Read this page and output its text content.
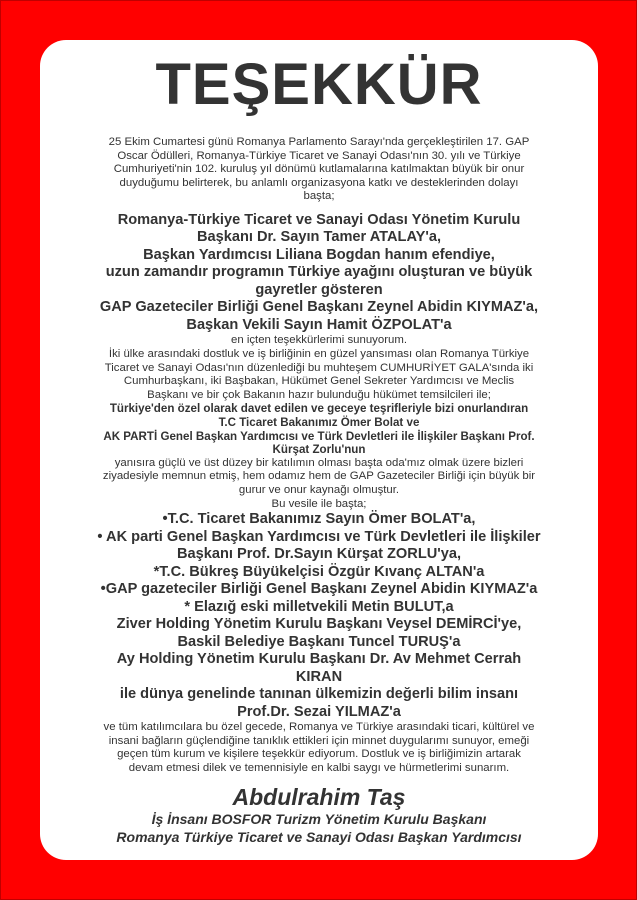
TEŞEKKÜR
25 Ekim Cumartesi günü Romanya Parlamento Sarayı'nda gerçekleştirilen 17. GAP
Oscar Ödülleri, Romanya-Türkiye Ticaret ve Sanayi Odası'nın 30. yılı ve Türkiye
Cumhuriyeti'nin 102. kuruluş yıl dönümü kutlamalarına katılmaktan büyük bir onur
duyduğumu belirterek, bu anlamlı organizasyona katkı ve desteklerinden dolayı
başta;
Romanya-Türkiye Ticaret ve Sanayi Odası Yönetim Kurulu
Başkanı Dr. Sayın Tamer ATALAY'a,
Başkan Yardımcısı Liliana Bogdan hanım efendiye,
uzun zamandır programın Türkiye ayağını oluşturan ve büyük
gayretler gösteren
GAP Gazeteciler Birliği Genel Başkanı Zeynel Abidin KIYMAZ'a,
Başkan Vekili Sayın Hamit ÖZPOLAT'a
en içten teşekkürlerimi sunuyorum.
İki ülke arasındaki dostluk ve iş birliğinin en güzel yansıması olan Romanya Türkiye
Ticaret ve Sanayi Odası'nın düzenlediği bu muhteşem CUMHURİYET GALA'sında iki
Cumhurbaşkanı, iki Başbakan, Hükümet Genel Sekreter Yardımcısı ve Meclis
Başkanı ve bir çok Bakanın hazır bulunduğu hükümet temsilcileri ile;
Türkiye'den özel olarak davet edilen ve geceye teşrifleriyle bizi onurlandıran
T.C Ticaret Bakanımız Ömer Bolat ve
AK PARTİ Genel Başkan Yardımcısı ve Türk Devletleri ile İlişkiler Başkanı Prof.
Kürşat Zorlu'nun
yanısıra güçlü ve üst düzey bir katılımın olması başta oda'mız olmak üzere bizleri
ziyadesiyle memnun etmiş, hem odamız hem de GAP Gazeteciler Birliği için büyük bir
gurur ve onur kaynağı olmuştur.
Bu vesile ile başta;
•T.C. Ticaret Bakanımız Sayın Ömer BOLAT'a,
• AK parti Genel Başkan Yardımcısı ve Türk Devletleri ile İlişkiler
Başkanı Prof. Dr.Sayın Kürşat ZORLU'ya,
*T.C. Bükreş Büyükelçisi Özgür Kıvanç ALTAN'a
•GAP gazeteciler Birliği Genel Başkanı Zeynel Abidin KIYMAZ'a
* Elazığ eski milletvekili Metin BULUT,a
Ziver Holding Yönetim Kurulu Başkanı Veysel DEMİRCİ'ye,
Baskil Belediye Başkanı Tuncel TURUŞ'a
Ay Holding Yönetim Kurulu Başkanı Dr. Av Mehmet Cerrah
KIRAN
ile dünya genelinde tanınan ülkemizin değerli bilim insanı
Prof.Dr. Sezai YILMAZ'a
ve tüm katılımcılara bu özel gecede, Romanya ve Türkiye arasındaki ticari, kültürel ve
insani bağların güçlendiğine tanıklık ettikleri için minnet duygularımı sunuyor, emeği
geçen tüm kurum ve kişilere teşekkür ediyorum. Dostluk ve iş birliğimizin artarak
devam etmesi dilek ve temennisiyle en kalbi saygı ve hürmetlerimi sunarım.
Abdulrahim Taş
İş İnsanı BOSFOR Turizm Yönetim Kurulu Başkanı
Romanya Türkiye Ticaret ve Sanayi Odası Başkan Yardımcısı
